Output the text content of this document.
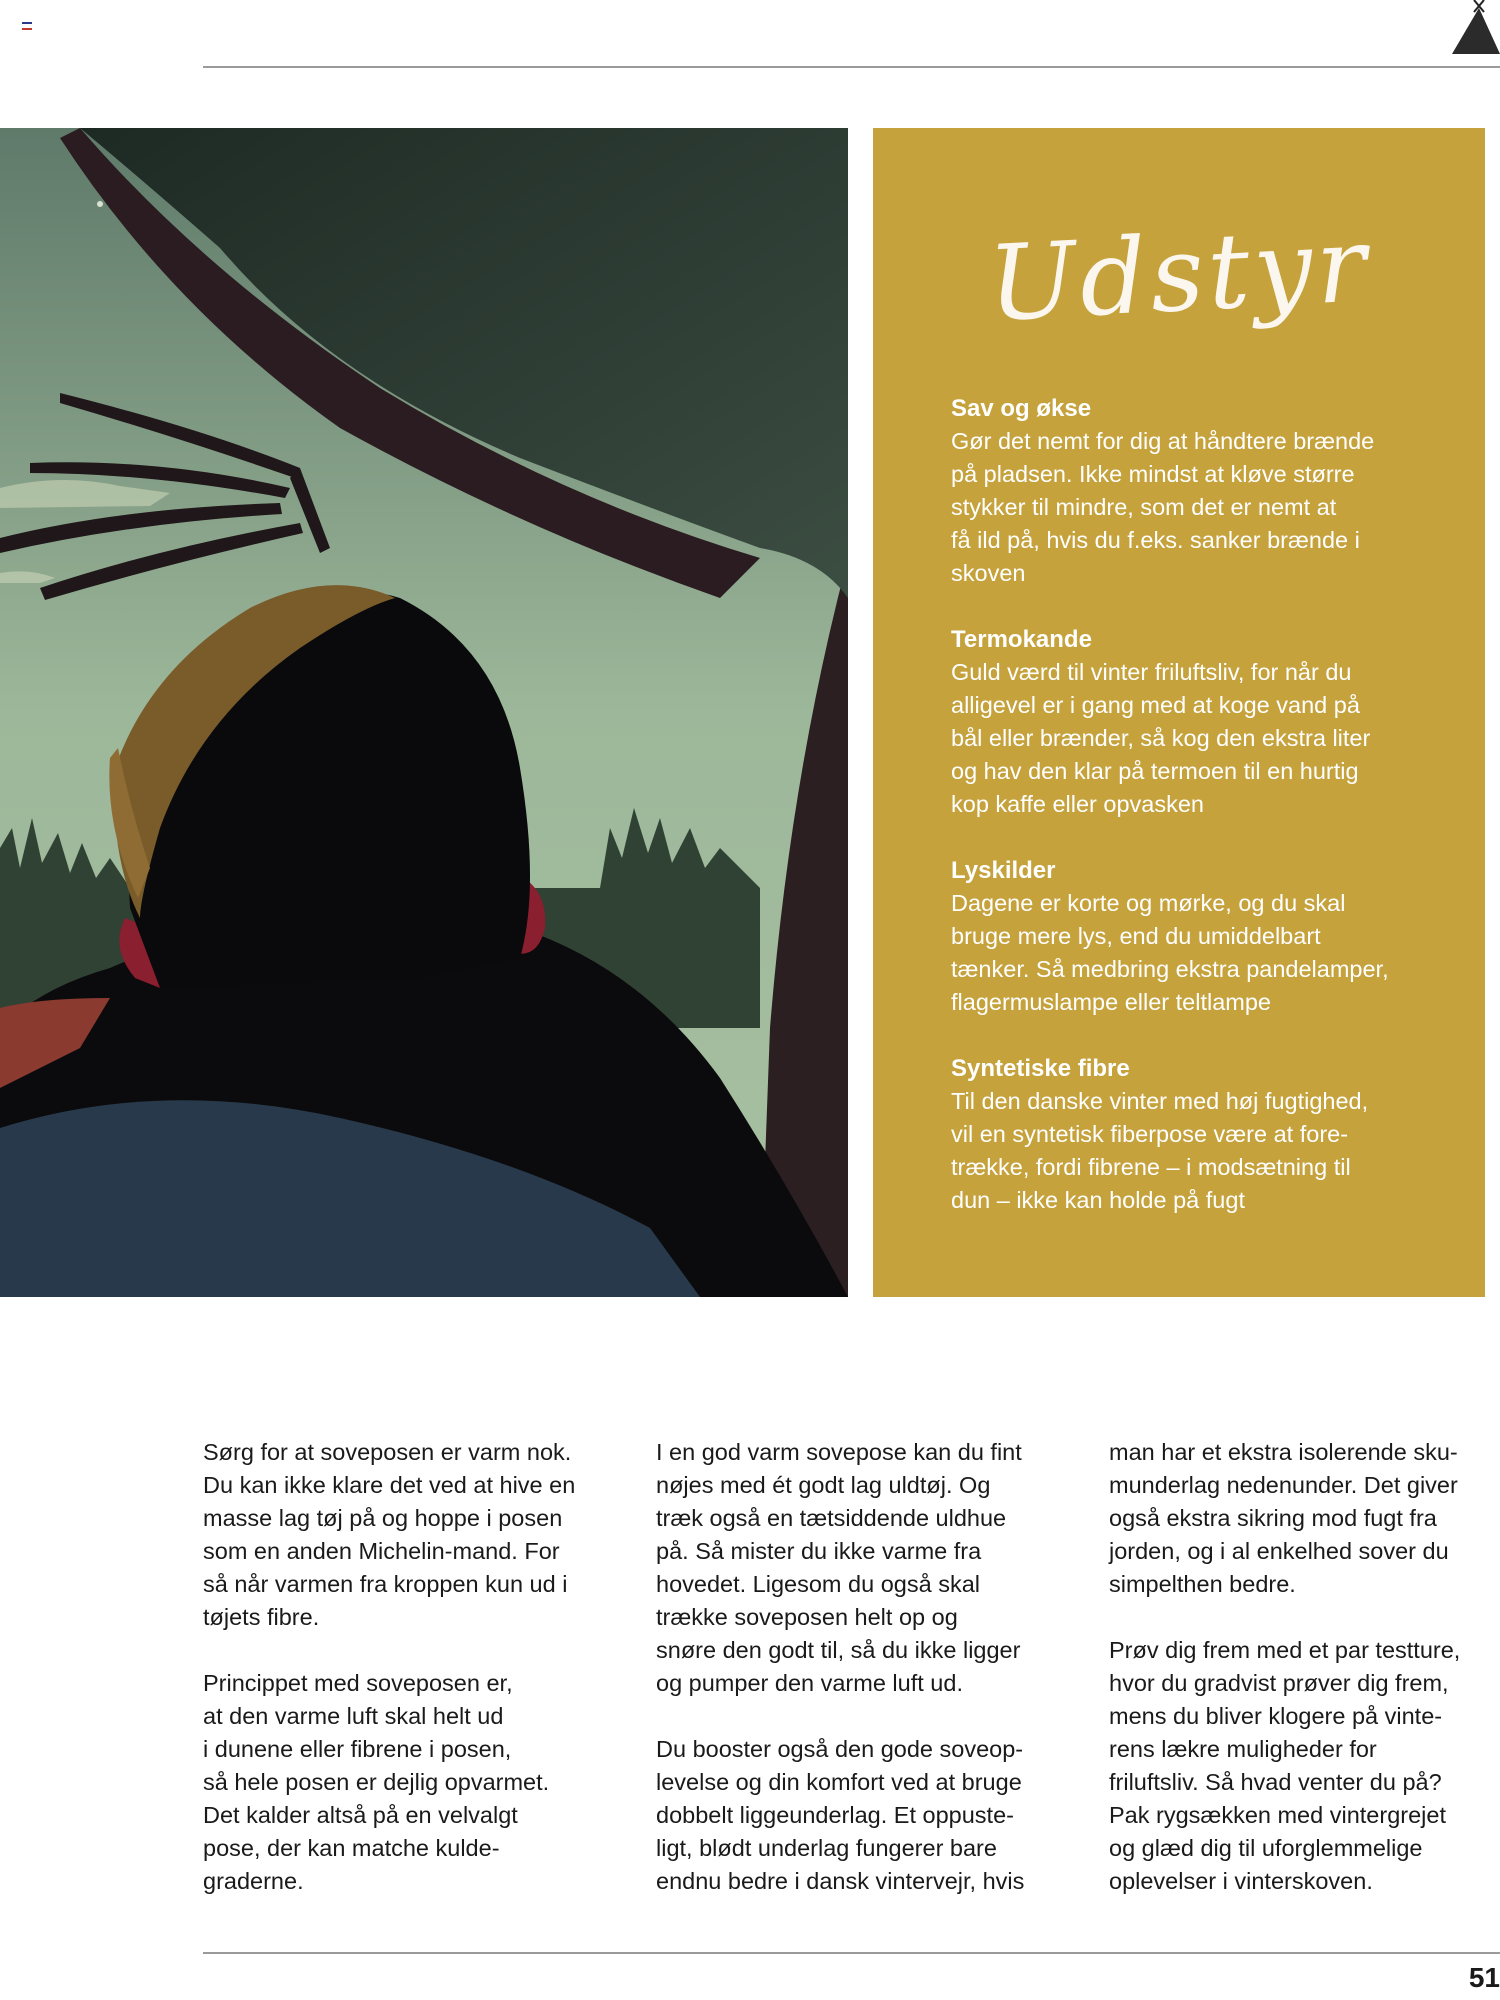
Udstyr
Sav og økse

Gør det nemt for dig at håndtere brænde
på pladsen. Ikke mindst at kløve større
stykker til mindre, som det er nemt at
få ild på, hvis du f.eks. sanker brænde i
skoven

Termokande

Guld værd til vinter friluftsliv, for når du
alligevel er i gang med at koge vand på
bål eller brænder, så kog den ekstra liter
og hav den klar på termoen til en hurtig
kop kaffe eller opvasken

Lyskilder

Dagene er korte og mørke, og du skal
bruge mere lys, end du umiddelbart
tænker. Så medbring ekstra pandelamper,
flagermuslampe eller teltlampe

Syntetiske fibre

Til den danske vinter med høj fugtighed,
vil en syntetisk fiberpose være at fore-
trække, fordi fibrene – i modsætning til
dun – ikke kan holde på fugt

Sørg for at soveposen er varm nok.
Du kan ikke klare det ved at hive en
masse lag tøj på og hoppe i posen
som en anden Michelin-mand. For
så når varmen fra kroppen kun ud i
tøjets fibre.

Princippet med soveposen er,
at den varme luft skal helt ud
i dunene eller fibrene i posen,
så hele posen er dejlig opvarmet.
Det kalder altså på en velvalgt
pose, der kan matche kulde-
graderne.

I en god varm sovepose kan du fint
nøjes med ét godt lag uldtøj. Og
træk også en tætsiddende uldhue
på. Så mister du ikke varme fra
hovedet. Ligesom du også skal
trække soveposen helt op og
snøre den godt til, så du ikke ligger
og pumper den varme luft ud.

Du booster også den gode soveop-
levelse og din komfort ved at bruge
dobbelt liggeunderlag. Et oppuste-
ligt, blødt underlag fungerer bare
endnu bedre i dansk vintervejr, hvis

man har et ekstra isolerende sku-
munderlag nedenunder. Det giver
også ekstra sikring mod fugt fra
jorden, og i al enkelhed sover du
simpelthen bedre.

Prøv dig frem med et par testture,
hvor du gradvist prøver dig frem,
mens du bliver klogere på vinte-
rens lækre muligheder for
friluftsliv. Så hvad venter du på?
Pak rygsækken med vintergrejet
og glæd dig til uforglemmelige
oplevelser i vinterskoven.

51
